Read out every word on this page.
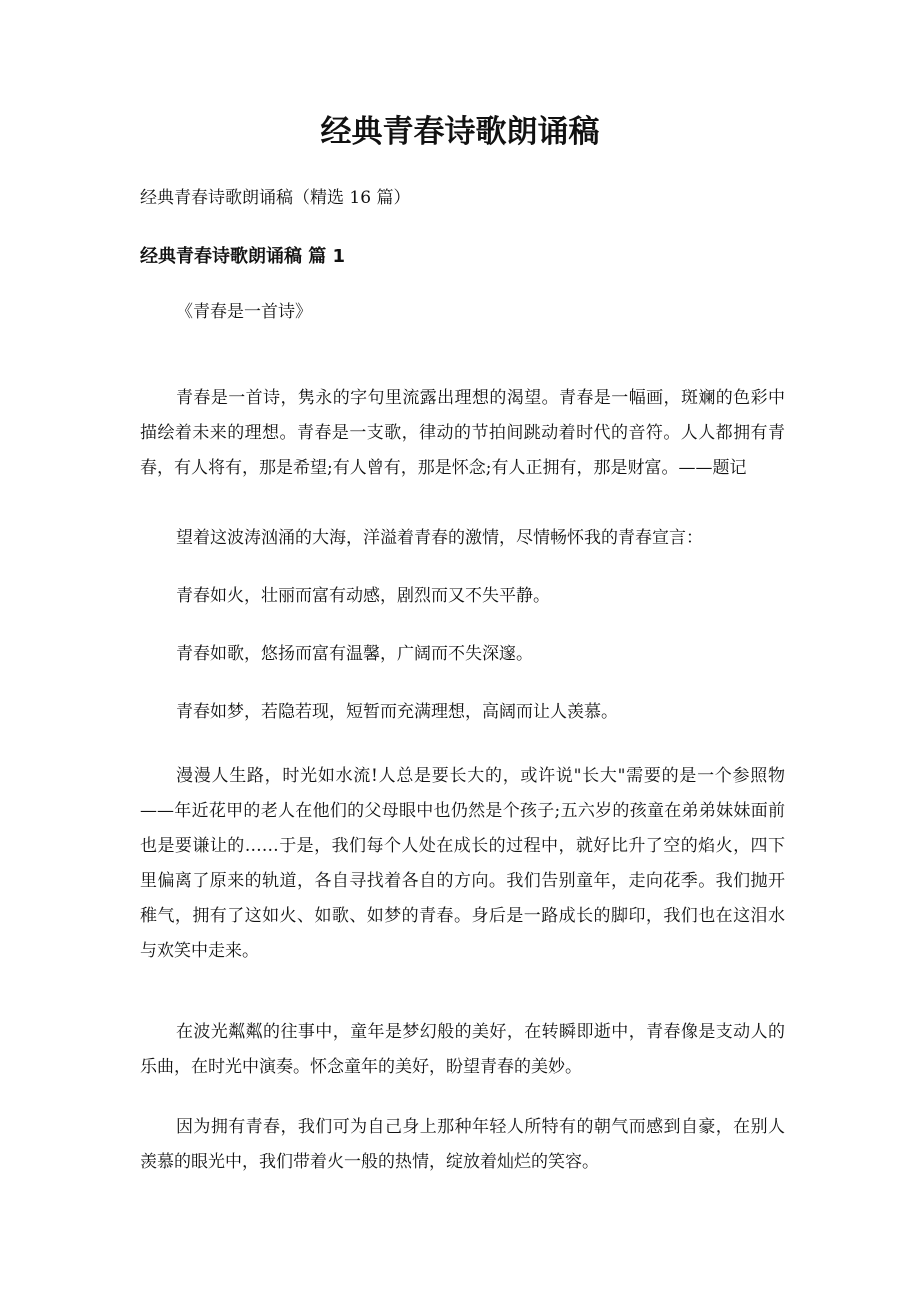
经典青春诗歌朗诵稿

经典青春诗歌朗诵稿（精选 16 篇）

经典青春诗歌朗诵稿 篇 1

《青春是一首诗》

青春是一首诗，隽永的字句里流露出理想的渴望。青春是一幅画，斑斓的色彩中描绘着未来的理想。青春是一支歌，律动的节拍间跳动着时代的音符。人人都拥有青春，有人将有，那是希望;有人曾有，那是怀念;有人正拥有，那是财富。——题记

望着这波涛汹涌的大海，洋溢着青春的激情，尽情畅怀我的青春宣言：

青春如火，壮丽而富有动感，剧烈而又不失平静。

青春如歌，悠扬而富有温馨，广阔而不失深邃。

青春如梦，若隐若现，短暂而充满理想，高阔而让人羡慕。

漫漫人生路，时光如水流!人总是要长大的，或许说"长大"需要的是一个参照物——年近花甲的老人在他们的父母眼中也仍然是个孩子;五六岁的孩童在弟弟妹妹面前也是要谦让的……于是，我们每个人处在成长的过程中，就好比升了空的焰火，四下里偏离了原来的轨道，各自寻找着各自的方向。我们告别童年，走向花季。我们抛开稚气，拥有了这如火、如歌、如梦的青春。身后是一路成长的脚印，我们也在这泪水与欢笑中走来。

在波光粼粼的往事中，童年是梦幻般的美好，在转瞬即逝中，青春像是支动人的乐曲，在时光中演奏。怀念童年的美好，盼望青春的美妙。

因为拥有青春，我们可为自己身上那种年轻人所特有的朝气而感到自豪，在别人羡慕的眼光中，我们带着火一般的热情，绽放着灿烂的笑容。
